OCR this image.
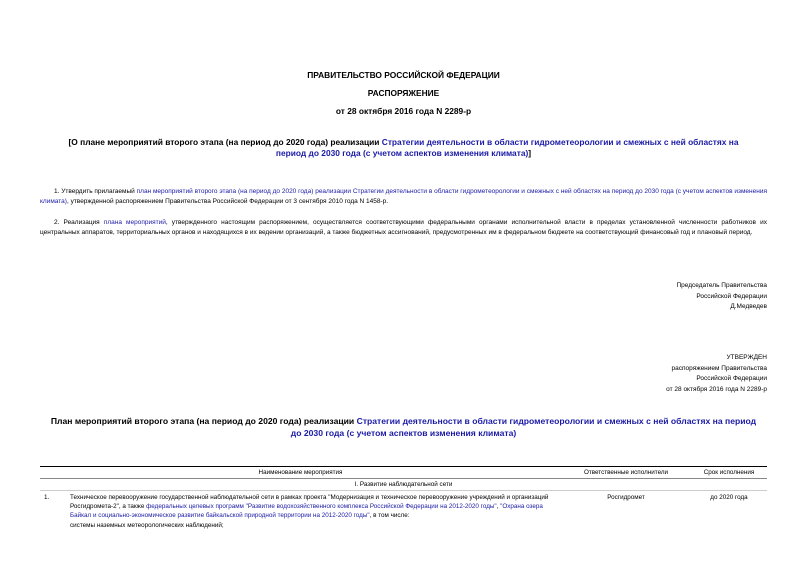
ПРАВИТЕЛЬСТВО РОССИЙСКОЙ ФЕДЕРАЦИИ
РАСПОРЯЖЕНИЕ
от 28 октября 2016 года N 2289-р
[О плане мероприятий второго этапа (на период до 2020 года) реализации Стратегии деятельности в области гидрометеорологии и смежных с ней областях на
период до 2030 года (с учетом аспектов изменения климата)]
1. Утвердить прилагаемый план мероприятий второго этапа (на период до 2020 года) реализации Стратегии деятельности в области гидрометеорологии и смежных с ней областях на период до 2030 года (с учетом аспектов изменения климата), утвержденной распоряжением Правительства Российской Федерации от 3 сентября 2010 года N 1458-р.
2. Реализация плана мероприятий, утвержденного настоящим распоряжением, осуществляется соответствующими федеральными органами исполнительной власти в пределах установленной численности работников их центральных аппаратов, территориальных органов и находящихся в их ведении организаций, а также бюджетных ассигнований, предусмотренных им в федеральном бюджете на соответствующий финансовый год и плановый период.
Председатель Правительства
Российской Федерации
Д.Медведев
УТВЕРЖДЕН
распоряжением Правительства
Российской Федерации
от 28 октября 2016 года N 2289-р
План мероприятий второго этапа (на период до 2020 года) реализации Стратегии деятельности в области гидрометеорологии и смежных с ней областях на период
до 2030 года (с учетом аспектов изменения климата)
Наименование мероприятия		Ответственные исполнители	Срок исполнения
I. Развитие наблюдательной сети			
1.	Техническое перевооружение государственной наблюдательной сети в рамках проекта "Модернизация и техническое перевооружение учреждений и организаций Росгидромета-2", а также федеральных целевых программ "Развитие водохозяйственного комплекса Российской Федерации на 2012-2020 годы", "Охрана озера Байкал и социально-экономическое развитие байкальской природной территории на 2012-2020 годы", в том числе:
системы наземных метеорологических наблюдений;	Росгидромет	до 2020 года
